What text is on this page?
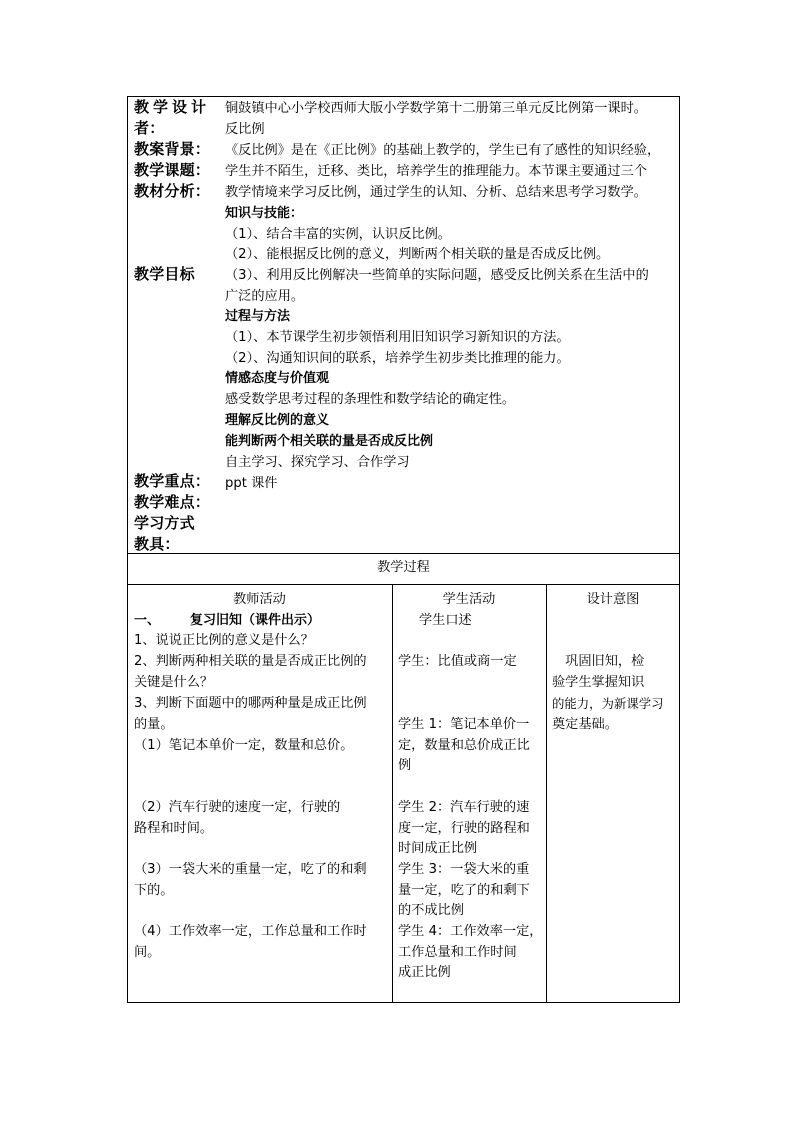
教学设计
者：
教案背景：
教学课题：
教材分析：
教学目标
教学重点：
教学难点：
学习方式
教具：
铜鼓镇中心小学校西师大版小学数学第十二册第三单元反比例第一课时。
反比例
《反比例》是在《正比例》的基础上教学的，学生已有了感性的知识经验，
学生并不陌生，迁移、类比，培养学生的推理能力。本节课主要通过三个
教学情境来学习反比例，通过学生的认知、分析、总结来思考学习数学。
知识与技能：
（1）、结合丰富的实例，认识反比例。
（2）、能根据反比例的意义，判断两个相关联的量是否成反比例。
（3）、利用反比例解决一些简单的实际问题，感受反比例关系在生活中的
广泛的应用。
过程与方法
（1）、本节课学生初步领悟利用旧知识学习新知识的方法。
（2）、沟通知识间的联系，培养学生初步类比推理的能力。
情感态度与价值观
感受数学思考过程的条理性和数学结论的确定性。
理解反比例的意义
能判断两个相关联的量是否成反比例
自主学习、探究学习、合作学习
ppt 课件
教学过程
教师活动	学生活动	设计意图
一、 复习旧知（课件出示）
1、说说正比例的意义是什么？
2、判断两种相关联的量是否成正比例的
关键是什么？
3、判断下面题中的哪两种量是成正比例
的量。
（1）笔记本单价一定，数量和总价。
（2）汽车行驶的速度一定，行驶的
路程和时间。
（3）一袋大米的重量一定，吃了的和剩
下的。
（4）工作效率一定，工作总量和工作时
间。
学生口述
学生：比值或商一定
学生 1：笔记本单价一
定，数量和总价成正比
例
学生 2：汽车行驶的速
度一定，行驶的路程和
时间成正比例
学生 3：一袋大米的重
量一定，吃了的和剩下
的不成比例
学生 4：工作效率一定，
工作总量和工作时间
成正比例
　巩固旧知，检
验学生掌握知识
的能力，为新课学习
奠定基础。
